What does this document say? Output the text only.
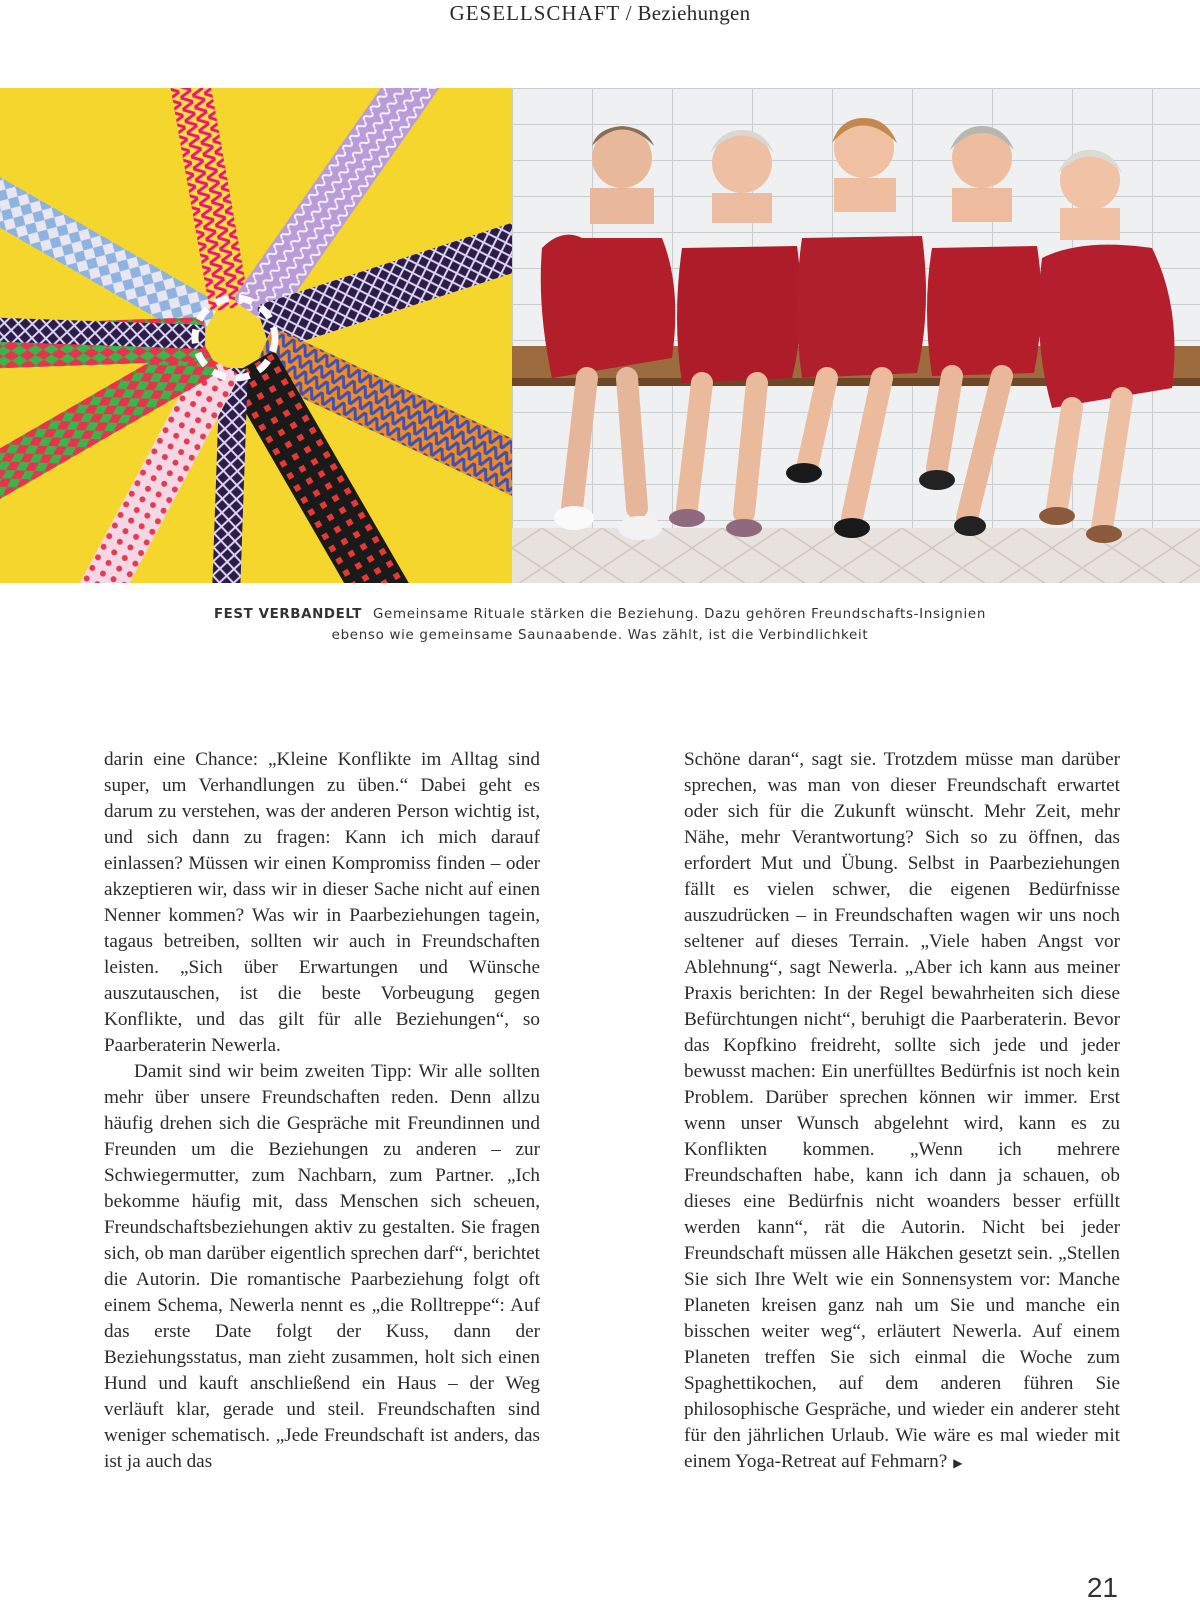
GESELLSCHAFT / Beziehungen
FEST VERBANDELT Gemeinsame Rituale stärken die Beziehung. Dazu gehören Freundschafts-Insignien
ebenso wie gemeinsame Saunaabende. Was zählt, ist die Verbindlichkeit

darin eine Chance: „Kleine Konflikte im Alltag sind super, um Verhandlungen zu üben.“ Dabei geht es darum zu verstehen, was der anderen Person wichtig ist, und sich dann zu fragen: Kann ich mich darauf einlassen? Müssen wir einen Kompromiss finden – oder akzeptieren wir, dass wir in dieser Sache nicht auf einen Nenner kommen? Was wir in Paarbeziehungen tagein, tagaus betreiben, sollten wir auch in Freundschaften leisten. „Sich über Erwartungen und Wünsche auszutauschen, ist die beste Vorbeugung gegen Konflikte, und das gilt für alle Beziehungen“, so Paarberaterin Newerla.

Damit sind wir beim zweiten Tipp: Wir alle sollten mehr über unsere Freundschaften reden. Denn allzu häufig drehen sich die Gespräche mit Freundinnen und Freunden um die Beziehungen zu anderen – zur Schwiegermutter, zum Nachbarn, zum Partner. „Ich bekomme häufig mit, dass Menschen sich scheuen, Freundschaftsbeziehungen aktiv zu gestalten. Sie fragen sich, ob man darüber eigentlich sprechen darf“, berichtet die Autorin. Die romantische Paarbeziehung folgt oft einem Schema, Newerla nennt es „die Rolltreppe“: Auf das erste Date folgt der Kuss, dann der Beziehungsstatus, man zieht zusammen, holt sich einen Hund und kauft anschließend ein Haus – der Weg verläuft klar, gerade und steil. Freundschaften sind weniger schematisch. „Jede Freundschaft ist anders, das ist ja auch das

Schöne daran“, sagt sie. Trotzdem müsse man darüber sprechen, was man von dieser Freundschaft erwartet oder sich für die Zukunft wünscht. Mehr Zeit, mehr Nähe, mehr Verantwortung? Sich so zu öffnen, das erfordert Mut und Übung. Selbst in Paarbeziehungen fällt es vielen schwer, die eigenen Bedürfnisse auszudrücken – in Freundschaften wagen wir uns noch seltener auf dieses Terrain. „Viele haben Angst vor Ablehnung“, sagt Newerla. „Aber ich kann aus meiner Praxis berichten: In der Regel bewahrheiten sich diese Befürchtungen nicht“, beruhigt die Paarberaterin. Bevor das Kopfkino freidreht, sollte sich jede und jeder bewusst machen: Ein unerfülltes Bedürfnis ist noch kein Problem. Darüber sprechen können wir immer. Erst wenn unser Wunsch abgelehnt wird, kann es zu Konflikten kommen. „Wenn ich mehrere Freundschaften habe, kann ich dann ja schauen, ob dieses eine Bedürfnis nicht woanders besser erfüllt werden kann“, rät die Autorin. Nicht bei jeder Freundschaft müssen alle Häkchen gesetzt sein. „Stellen Sie sich Ihre Welt wie ein Sonnensystem vor: Manche Planeten kreisen ganz nah um Sie und manche ein bisschen weiter weg“, erläutert Newerla. Auf einem Planeten treffen Sie sich einmal die Woche zum Spaghettikochen, auf dem anderen führen Sie philosophische Gespräche, und wieder ein anderer steht für den jährlichen Urlaub. Wie wäre es mal wieder mit einem Yoga-Retreat auf Fehmarn? ▶

21
